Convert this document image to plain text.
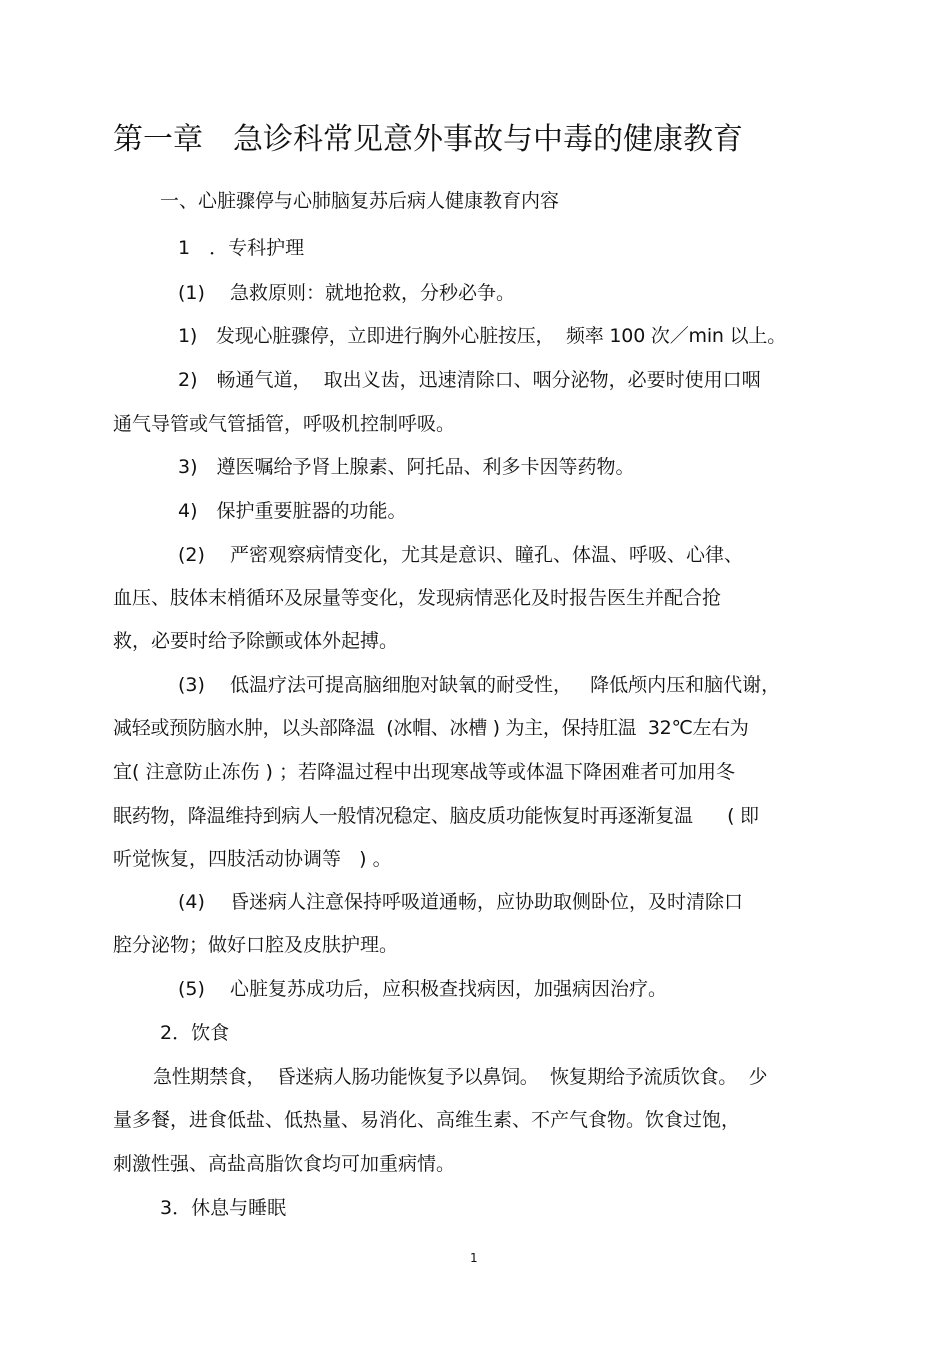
第一章　急诊科常见意外事故与中毒的健康教育
一、心脏骤停与心肺脑复苏后病人健康教育内容
1　．专科护理
(1)　 急救原则：就地抢救，分秒必争。
1)　发现心脏骤停，立即进行胸外心脏按压，  频率 100 次／min 以上。
2)　畅通气道，  取出义齿，迅速清除口、咽分泌物，必要时使用口咽
通气导管或气管插管，呼吸机控制呼吸。
3)　遵医嘱给予肾上腺素、阿托品、利多卡因等药物。
4)　保护重要脏器的功能。
(2)　 严密观察病情变化，尤其是意识、瞳孔、体温、呼吸、心律、
血压、肢体末梢循环及尿量等变化，发现病情恶化及时报告医生并配合抢
救，必要时给予除颤或体外起搏。
(3)　 低温疗法可提高脑细胞对缺氧的耐受性，   降低颅内压和脑代谢，
减轻或预防脑水肿，以头部降温  (冰帽、冰槽 ) 为主，保持肛温  32℃左右为
宜( 注意防止冻伤 ) ；若降温过程中出现寒战等或体温下降困难者可加用冬
眠药物，降温维持到病人一般情况稳定、脑皮质功能恢复时再逐渐复温      ( 即
听觉恢复，四肢活动协调等   ) 。
(4)　 昏迷病人注意保持呼吸道通畅，应协助取侧卧位，及时清除口
腔分泌物；做好口腔及皮肤护理。
(5)　 心脏复苏成功后，应积极查找病因，加强病因治疗。
2．饮食
急性期禁食，  昏迷病人肠功能恢复予以鼻饲。  恢复期给予流质饮食。  少
量多餐，进食低盐、低热量、易消化、高维生素、不产气食物。饮食过饱，
刺激性强、高盐高脂饮食均可加重病情。
3．休息与睡眠
1
